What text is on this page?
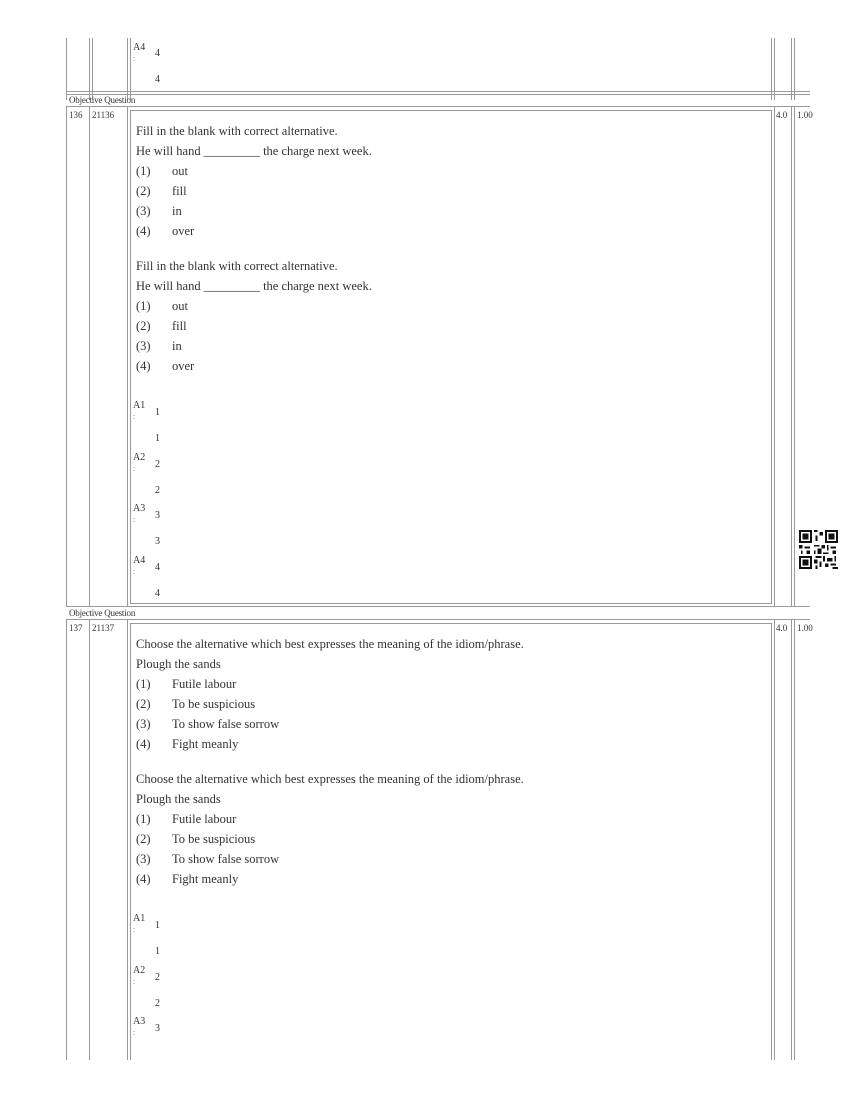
A4
: 4
4
Objective Question
136 21136	4.0 1.00
Fill in the blank with correct alternative.
He will hand _________ the charge next week.
(1) out
(2) fill
(3) in
(4) over
Fill in the blank with correct alternative.
He will hand _________ the charge next week.
(1) out
(2) fill
(3) in
(4) over
A1
: 1
1
A2
: 2
2
A3
: 3
3
A4
: 4
4
Objective Question
137 21137	4.0 1.00
Choose the alternative which best expresses the meaning of the idiom/phrase.
Plough the sands
(1) Futile labour
(2) To be suspicious
(3) To show false sorrow
(4) Fight meanly
Choose the alternative which best expresses the meaning of the idiom/phrase.
Plough the sands
(1) Futile labour
(2) To be suspicious
(3) To show false sorrow
(4) Fight meanly
A1
: 1
1
A2
: 2
2
A3
: 3
